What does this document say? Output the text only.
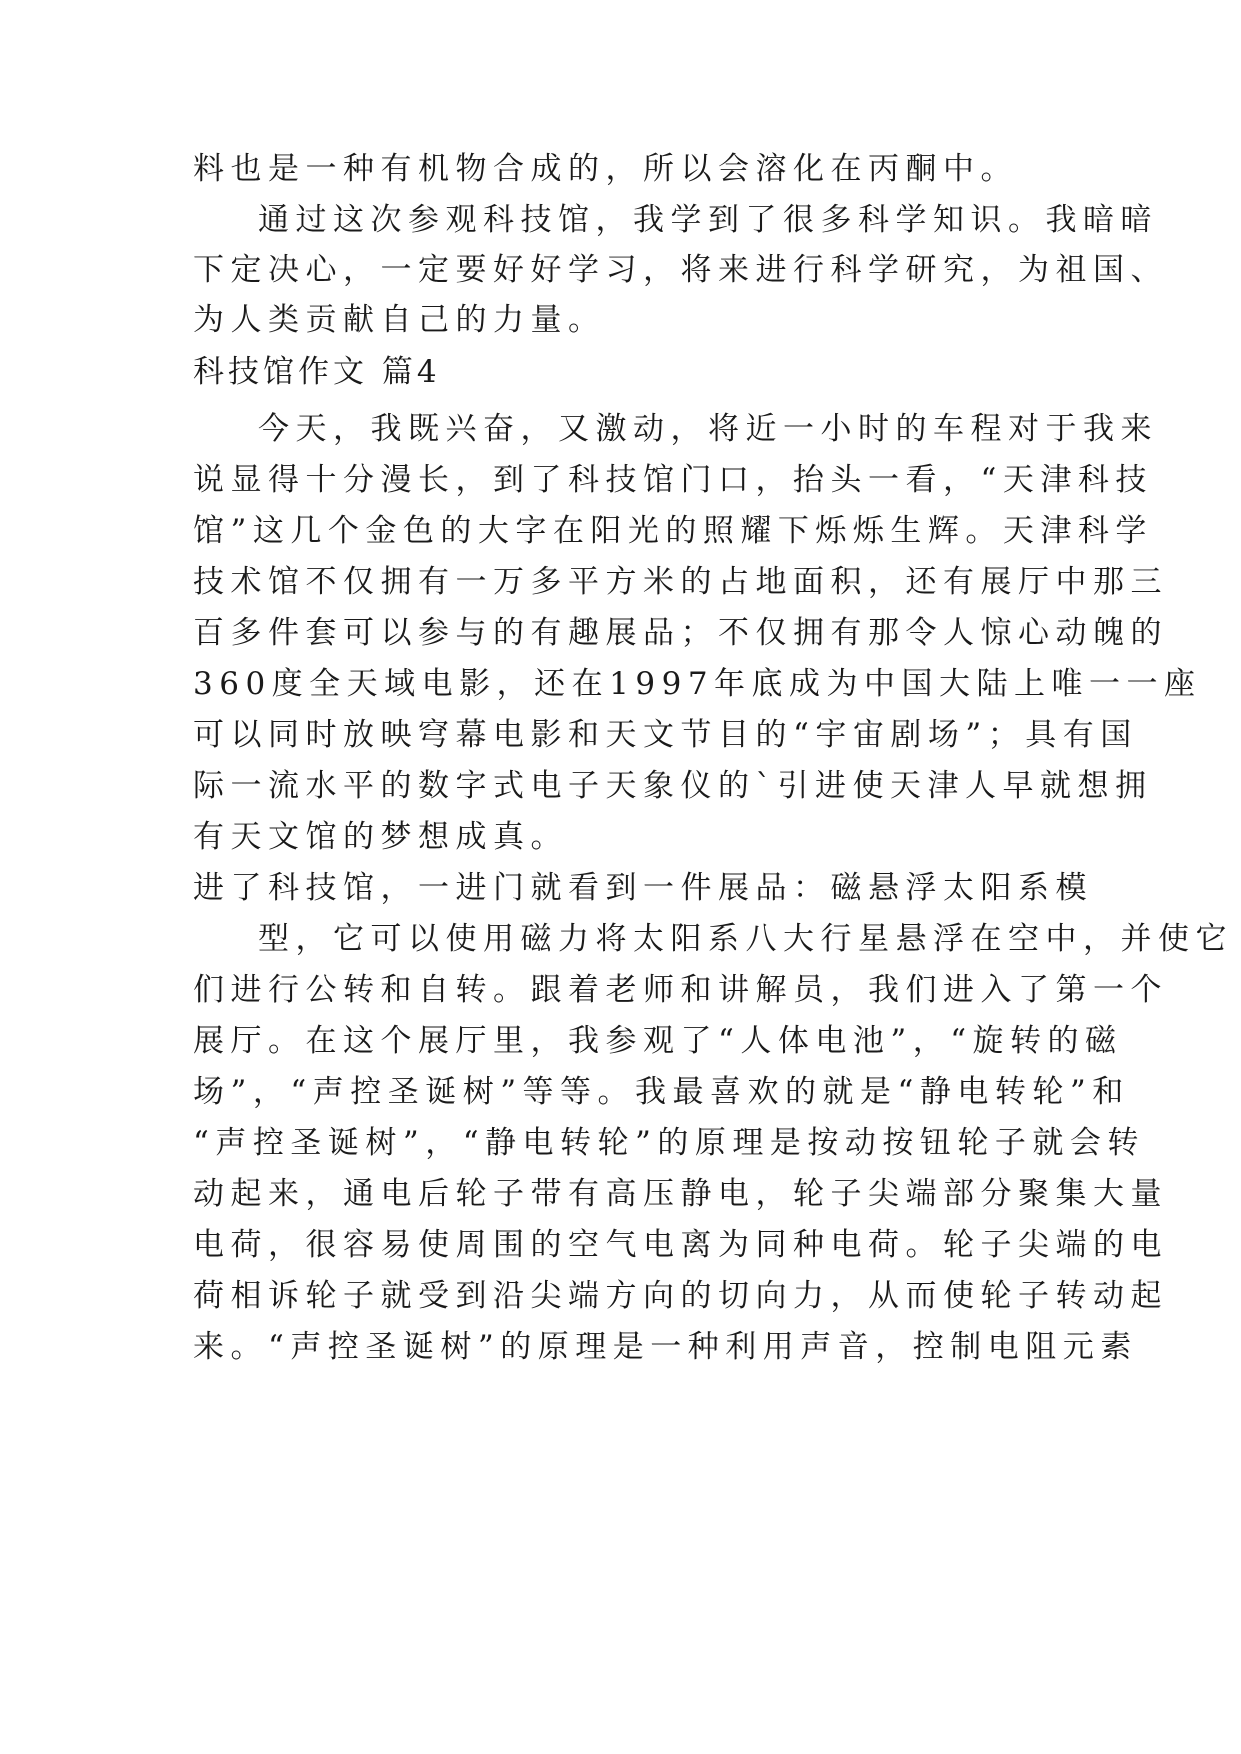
料也是一种有机物合成的，所以会溶化在丙酮中。
通过这次参观科技馆，我学到了很多科学知识。我暗暗
下定决心，一定要好好学习，将来进行科学研究，为祖国、
为人类贡献自己的力量。
科技馆作文 篇4
今天，我既兴奋，又激动，将近一小时的车程对于我来
说显得十分漫长，到了科技馆门口，抬头一看，“天津科技
馆”这几个金色的大字在阳光的照耀下烁烁生辉。天津科学
技术馆不仅拥有一万多平方米的占地面积，还有展厅中那三
百多件套可以参与的有趣展品；不仅拥有那令人惊心动魄的
360度全天域电影，还在1997年底成为中国大陆上唯一一座
可以同时放映穹幕电影和天文节目的“宇宙剧场”；具有国
际一流水平的数字式电子天象仪的`引进使天津人早就想拥
有天文馆的梦想成真。
进了科技馆，一进门就看到一件展品：磁悬浮太阳系模
型，它可以使用磁力将太阳系八大行星悬浮在空中，并使它
们进行公转和自转。跟着老师和讲解员，我们进入了第一个
展厅。在这个展厅里，我参观了“人体电池”，“旋转的磁
场”，“声控圣诞树”等等。我最喜欢的就是“静电转轮”和
“声控圣诞树”，“静电转轮”的原理是按动按钮轮子就会转
动起来，通电后轮子带有高压静电，轮子尖端部分聚集大量
电荷，很容易使周围的空气电离为同种电荷。轮子尖端的电
荷相诉轮子就受到沿尖端方向的切向力，从而使轮子转动起
来。“声控圣诞树”的原理是一种利用声音，控制电阻元素
